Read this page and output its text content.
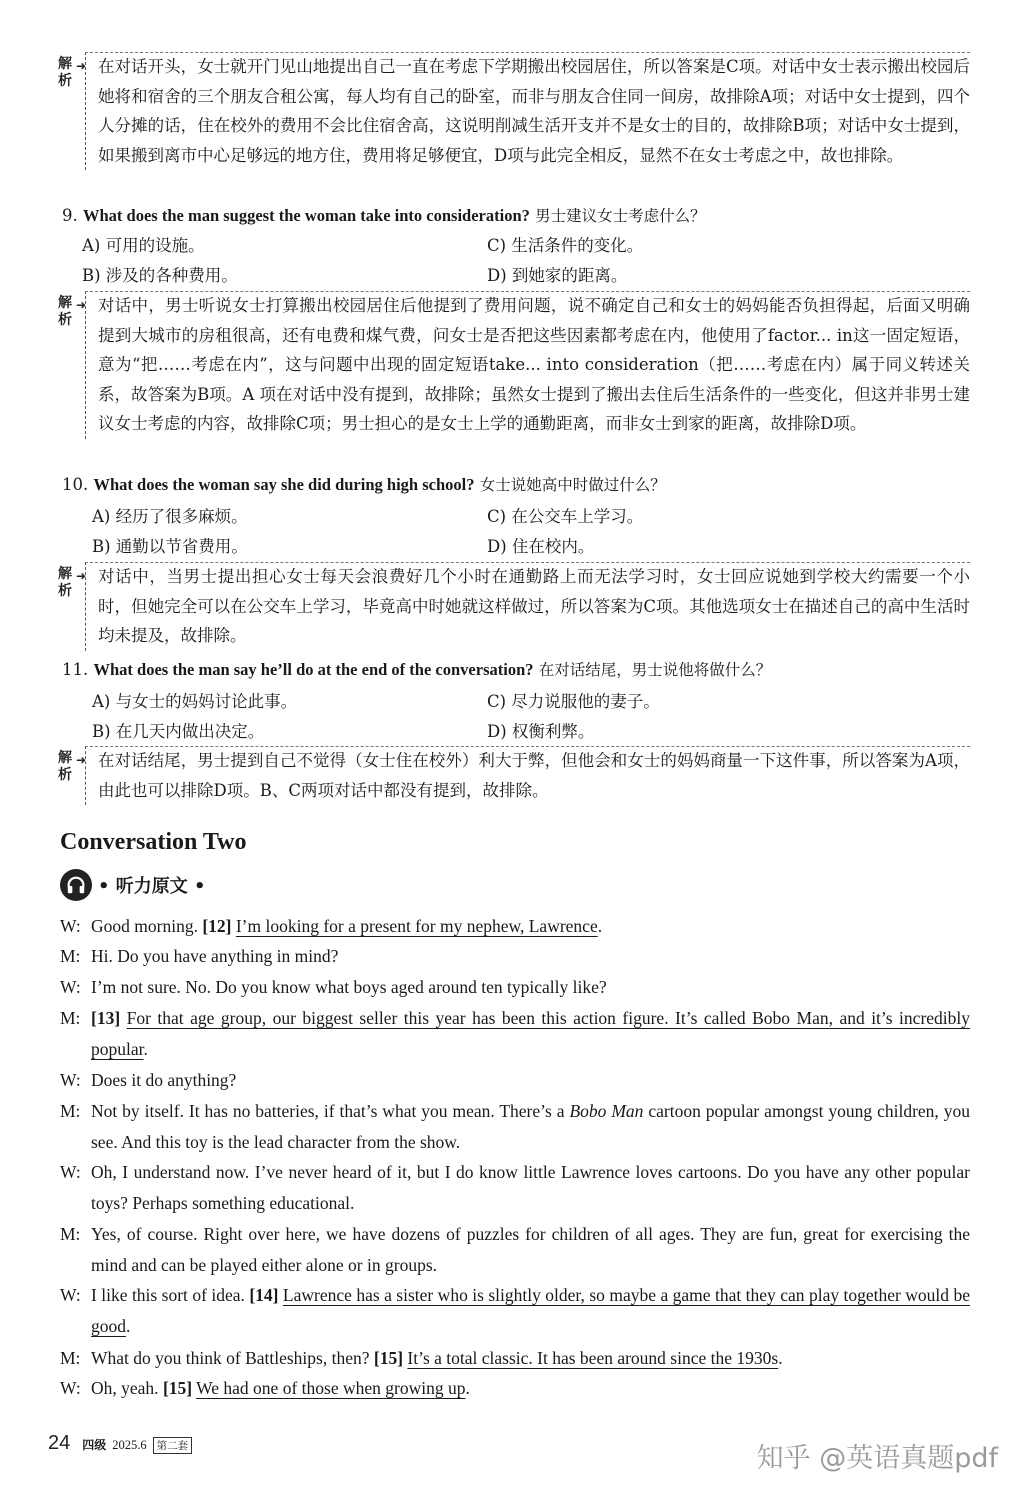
解析
➜ 在对话开头，女士就开门见山地提出自己一直在考虑下学期搬出校园居住，所以答案是C项。对话中女士表示搬出校园后她将和宿舍的三个朋友合租公寓，每人均有自己的卧室，而非与朋友合住同一间房，故排除A项；对话中女士提到，四个人分摊的话，住在校外的费用不会比住宿舍高，这说明削减生活开支并不是女士的目的，故排除B项；对话中女士提到，如果搬到离市中心足够远的地方住，费用将足够便宜，D项与此完全相反，显然不在女士考虑之中，故也排除。
9. What does the man suggest the woman take into consideration? 男士建议女士考虑什么？
A) 可用的设施。	C) 生活条件的变化。
B) 涉及的各种费用。	D) 到她家的距离。
解析
➜ 对话中，男士听说女士打算搬出校园居住后他提到了费用问题，说不确定自己和女士的妈妈能否负担得起，后面又明确提到大城市的房租很高，还有电费和煤气费，问女士是否把这些因素都考虑在内，他使用了factor... in这一固定短语，意为“把……考虑在内”，这与问题中出现的固定短语take... into consideration（把……考虑在内）属于同义转述关系，故答案为B项。A 项在对话中没有提到，故排除；虽然女士提到了搬出去住后生活条件的一些变化，但这并非男士建议女士考虑的内容，故排除C项；男士担心的是女士上学的通勤距离，而非女士到家的距离，故排除D项。
10. What does the woman say she did during high school? 女士说她高中时做过什么？
A) 经历了很多麻烦。	C) 在公交车上学习。
B) 通勤以节省费用。	D) 住在校内。
解析
➜ 对话中，当男士提出担心女士每天会浪费好几个小时在通勤路上而无法学习时，女士回应说她到学校大约需要一个小时，但她完全可以在公交车上学习，毕竟高中时她就这样做过，所以答案为C项。其他选项女士在描述自己的高中生活时均未提及，故排除。
11. What does the man say he’ll do at the end of the conversation? 在对话结尾，男士说他将做什么？
A) 与女士的妈妈讨论此事。	C) 尽力说服他的妻子。
B) 在几天内做出决定。	D) 权衡利弊。
解析
➜ 在对话结尾，男士提到自己不觉得（女士住在校外）利大于弊，但他会和女士的妈妈商量一下这件事，所以答案为A项，由此也可以排除D项。B、C两项对话中都没有提到，故排除。
Conversation Two
• 听力原文 •
W: Good morning. [12] I’m looking for a present for my nephew, Lawrence.
M: Hi. Do you have anything in mind?
W: I’m not sure. No. Do you know what boys aged around ten typically like?
M: [13] For that age group, our biggest seller this year has been this action figure. It’s called Bobo Man, and it’s incredibly popular.
W: Does it do anything?
M: Not by itself. It has no batteries, if that’s what you mean. There’s a Bobo Man cartoon popular amongst young children, you see. And this toy is the lead character from the show.
W: Oh, I understand now. I’ve never heard of it, but I do know little Lawrence loves cartoons. Do you have any other popular toys? Perhaps something educational.
M: Yes, of course. Right over here, we have dozens of puzzles for children of all ages. They are fun, great for exercising the mind and can be played either alone or in groups.
W: I like this sort of idea. [14] Lawrence has a sister who is slightly older, so maybe a game that they can play together would be good.
M: What do you think of Battleships, then? [15] It’s a total classic. It has been around since the 1930s.
W: Oh, yeah. [15] We had one of those when growing up.
24 四级 2025.6 第二套	知乎 @英语真题pdf
